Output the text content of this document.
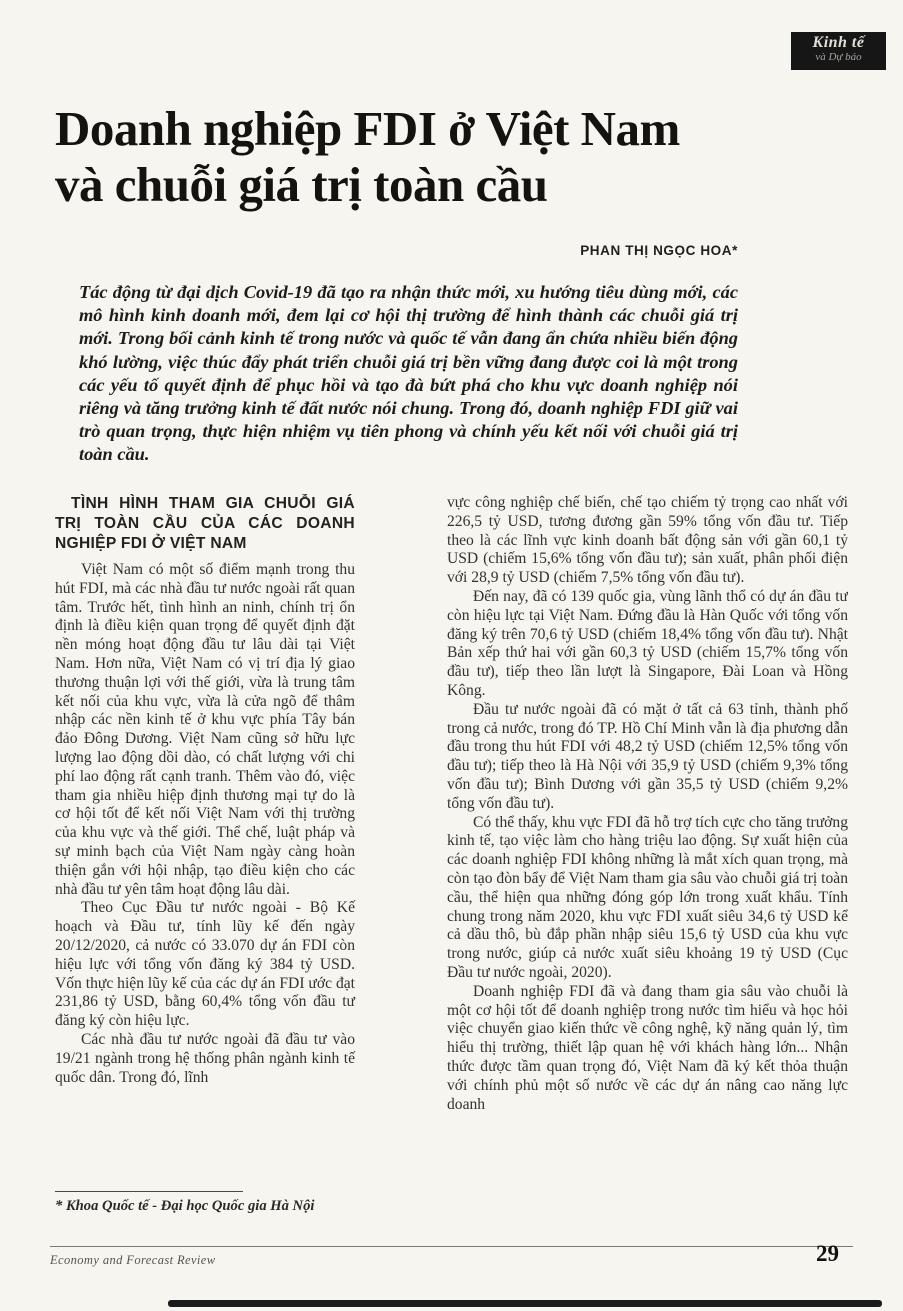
Kinh tế
và Dự báo
Doanh nghiệp FDI ở Việt Nam
và chuỗi giá trị toàn cầu
PHAN THỊ NGỌC HOA*
Tác động từ đại dịch Covid-19 đã tạo ra nhận thức mới, xu hướng tiêu dùng mới, các mô hình kinh doanh mới, đem lại cơ hội thị trường để hình thành các chuỗi giá trị mới. Trong bối cảnh kinh tế trong nước và quốc tế vẫn đang ẩn chứa nhiều biến động khó lường, việc thúc đẩy phát triển chuỗi giá trị bền vững đang được coi là một trong các yếu tố quyết định để phục hồi và tạo đà bứt phá cho khu vực doanh nghiệp nói riêng và tăng trưởng kinh tế đất nước nói chung. Trong đó, doanh nghiệp FDI giữ vai trò quan trọng, thực hiện nhiệm vụ tiên phong và chính yếu kết nối với chuỗi giá trị toàn cầu.
TÌNH HÌNH THAM GIA CHUỖI GIÁ TRỊ TOÀN CẦU CỦA CÁC DOANH NGHIỆP FDI Ở VIỆT NAM

Việt Nam có một số điểm mạnh trong thu hút FDI, mà các nhà đầu tư nước ngoài rất quan tâm. Trước hết, tình hình an ninh, chính trị ổn định là điều kiện quan trọng để quyết định đặt nền móng hoạt động đầu tư lâu dài tại Việt Nam. Hơn nữa, Việt Nam có vị trí địa lý giao thương thuận lợi với thế giới, vừa là trung tâm kết nối của khu vực, vừa là cửa ngõ để thâm nhập các nền kinh tế ở khu vực phía Tây bán đảo Đông Dương. Việt Nam cũng sở hữu lực lượng lao động dồi dào, có chất lượng với chi phí lao động rất cạnh tranh. Thêm vào đó, việc tham gia nhiều hiệp định thương mại tự do là cơ hội tốt để kết nối Việt Nam với thị trường của khu vực và thế giới. Thể chế, luật pháp và sự minh bạch của Việt Nam ngày càng hoàn thiện gắn với hội nhập, tạo điều kiện cho các nhà đầu tư yên tâm hoạt động lâu dài.

Theo Cục Đầu tư nước ngoài - Bộ Kế hoạch và Đầu tư, tính lũy kế đến ngày 20/12/2020, cả nước có 33.070 dự án FDI còn hiệu lực với tổng vốn đăng ký 384 tỷ USD. Vốn thực hiện lũy kế của các dự án FDI ước đạt 231,86 tỷ USD, bằng 60,4% tổng vốn đầu tư đăng ký còn hiệu lực.

Các nhà đầu tư nước ngoài đã đầu tư vào 19/21 ngành trong hệ thống phân ngành kinh tế quốc dân. Trong đó, lĩnh

vực công nghiệp chế biến, chế tạo chiếm tỷ trọng cao nhất với 226,5 tỷ USD, tương đương gần 59% tổng vốn đầu tư. Tiếp theo là các lĩnh vực kinh doanh bất động sản với gần 60,1 tỷ USD (chiếm 15,6% tổng vốn đầu tư); sản xuất, phân phối điện với 28,9 tỷ USD (chiếm 7,5% tổng vốn đầu tư).

Đến nay, đã có 139 quốc gia, vùng lãnh thổ có dự án đầu tư còn hiệu lực tại Việt Nam. Đứng đầu là Hàn Quốc với tổng vốn đăng ký trên 70,6 tỷ USD (chiếm 18,4% tổng vốn đầu tư). Nhật Bản xếp thứ hai với gần 60,3 tỷ USD (chiếm 15,7% tổng vốn đầu tư), tiếp theo lần lượt là Singapore, Đài Loan và Hồng Kông.

Đầu tư nước ngoài đã có mặt ở tất cả 63 tỉnh, thành phố trong cả nước, trong đó TP. Hồ Chí Minh vẫn là địa phương dẫn đầu trong thu hút FDI với 48,2 tỷ USD (chiếm 12,5% tổng vốn đầu tư); tiếp theo là Hà Nội với 35,9 tỷ USD (chiếm 9,3% tổng vốn đầu tư); Bình Dương với gần 35,5 tỷ USD (chiếm 9,2% tổng vốn đầu tư).

Có thể thấy, khu vực FDI đã hỗ trợ tích cực cho tăng trưởng kinh tế, tạo việc làm cho hàng triệu lao động. Sự xuất hiện của các doanh nghiệp FDI không những là mắt xích quan trọng, mà còn tạo đòn bẩy để Việt Nam tham gia sâu vào chuỗi giá trị toàn cầu, thể hiện qua những đóng góp lớn trong xuất khẩu. Tính chung trong năm 2020, khu vực FDI xuất siêu 34,6 tỷ USD kể cả dầu thô, bù đắp phần nhập siêu 15,6 tỷ USD của khu vực trong nước, giúp cả nước xuất siêu khoảng 19 tỷ USD (Cục Đầu tư nước ngoài, 2020).

Doanh nghiệp FDI đã và đang tham gia sâu vào chuỗi là một cơ hội tốt để doanh nghiệp trong nước tìm hiểu và học hỏi việc chuyển giao kiến thức về công nghệ, kỹ năng quản lý, tìm hiểu thị trường, thiết lập quan hệ với khách hàng lớn... Nhận thức được tầm quan trọng đó, Việt Nam đã ký kết thỏa thuận với chính phủ một số nước về các dự án nâng cao năng lực doanh

* Khoa Quốc tế - Đại học Quốc gia Hà Nội
Economy and Forecast Review	29
